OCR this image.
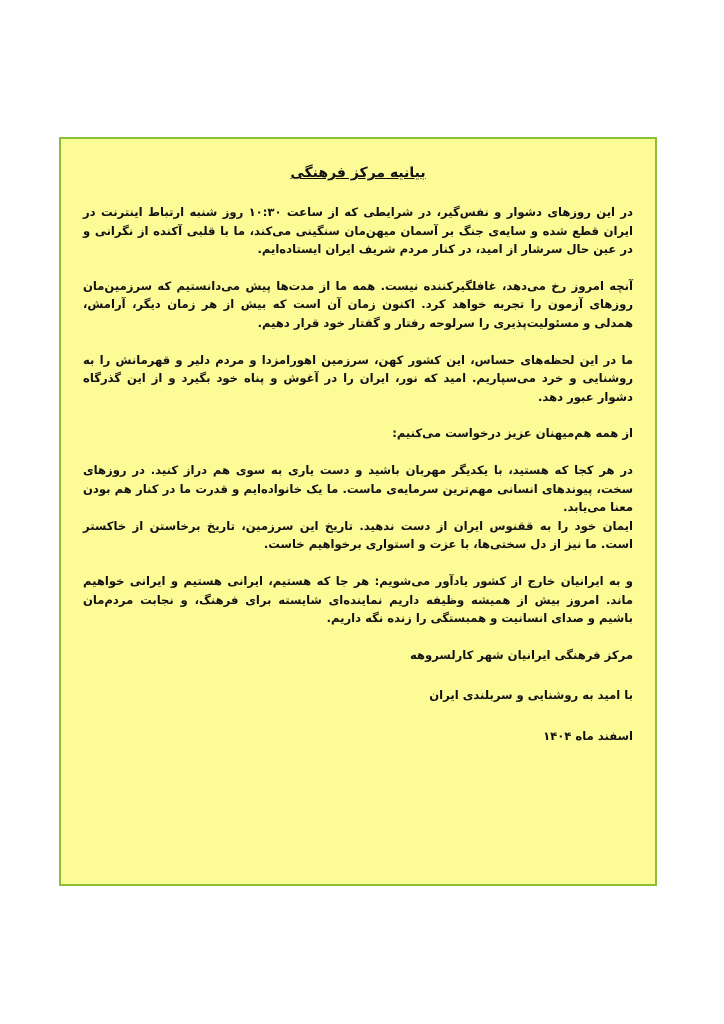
بیانیه مرکز فرهنگی
در این روزهای دشوار و نفس‌گیر، در شرایطی که از ساعت ۱۰:۳۰ روز شنبه ارتباط اینترنت در ایران قطع شده و سایه‌ی جنگ بر آسمان میهن‌مان سنگینی می‌کند، ما با قلبی آکنده از نگرانی و در عین حال سرشار از امید، در کنار مردم شریف ایران ایستاده‌ایم.
آنچه امروز رخ می‌دهد، غافلگیرکننده نیست. همه ما از مدت‌ها پیش می‌دانستیم که سرزمین‌مان روزهای آزمون را تجربه خواهد کرد. اکنون زمان آن است که بیش از هر زمان دیگر، آرامش، همدلی و مسئولیت‌پذیری را سرلوحه رفتار و گفتار خود قرار دهیم.
ما در این لحظه‌های حساس، این کشور کهن، سرزمین اهورامزدا و مردم دلیر و قهرمانش را به روشنایی و خرد می‌سپاریم. امید که نور، ایران را در آغوش و پناه خود بگیرد و از این گذرگاه دشوار عبور دهد.
از همه هم‌میهنان عزیز درخواست می‌کنیم:
در هر کجا که هستید، با یکدیگر مهربان باشید و دست یاری به سوی هم دراز کنید. در روزهای سخت، پیوندهای انسانی مهم‌ترین سرمایه‌ی ماست. ما یک خانواده‌ایم و قدرت ما در کنار هم بودن معنا می‌یابد.
ایمان خود را به ققنوس ایران از دست ندهید. تاریخ این سرزمین، تاریخ برخاستن از خاکستر است. ما نیز از دل سختی‌ها، با عزت و استواری برخواهیم خاست.
و به ایرانیان خارج از کشور یادآور می‌شویم: هر جا که هستیم، ایرانی هستیم و ایرانی خواهیم ماند. امروز بیش از همیشه وظیفه داریم نماینده‌ای شایسته برای فرهنگ، و نجابت مردم‌مان باشیم و صدای انسانیت و همبستگی را زنده نگه داریم.
مرکز فرهنگی ایرانیان شهر کارلسروهه
با امید به روشنایی و سربلندی ایران
اسفند ماه ۱۴۰۴
